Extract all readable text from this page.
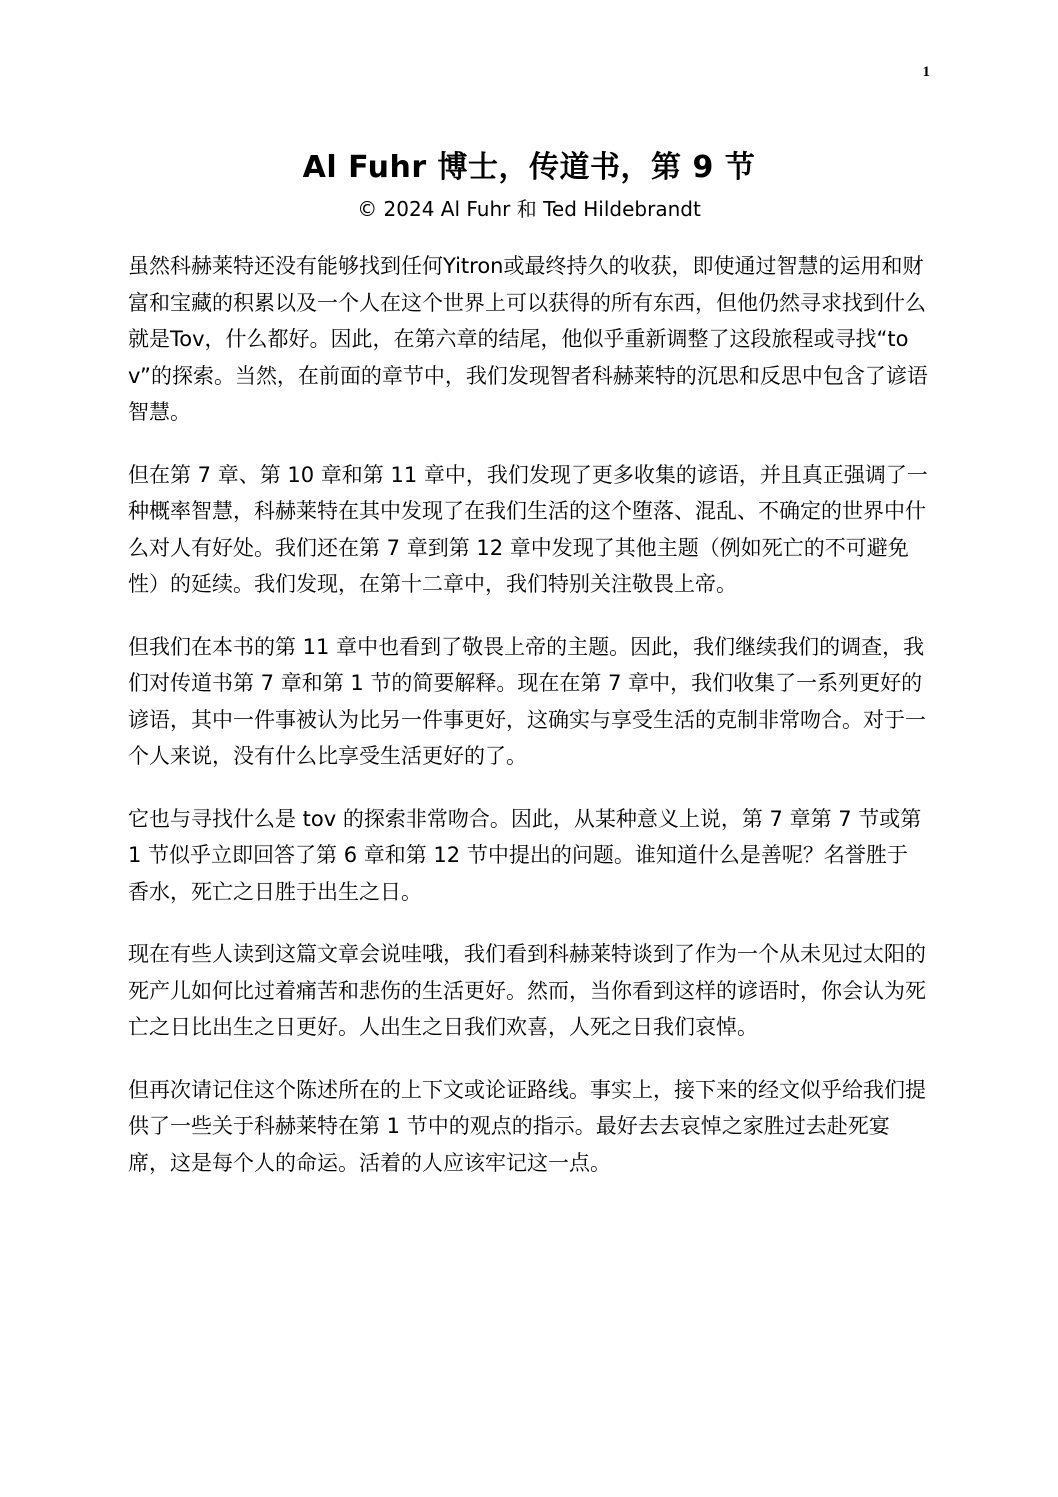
1
Al Fuhr 博士，传道书，第 9 节

© 2024 Al Fuhr 和 Ted Hildebrandt

虽然科赫莱特还没有能够找到任何Yitron或最终持久的收获，即使通过智慧的运用和财富和宝藏的积累以及一个人在这个世界上可以获得的所有东西，但他仍然寻求找到什么就是Tov，什么都好。因此，在第六章的结尾，他似乎重新调整了这段旅程或寻找“tov”的探索。当然，在前面的章节中，我们发现智者科赫莱特的沉思和反思中包含了谚语智慧。

但在第 7 章、第 10 章和第 11 章中，我们发现了更多收集的谚语，并且真正强调了一种概率智慧，科赫莱特在其中发现了在我们生活的这个堕落、混乱、不确定的世界中什么对人有好处。我们还在第 7 章到第 12 章中发现了其他主题（例如死亡的不可避免性）的延续。我们发现，在第十二章中，我们特别关注敬畏上帝。

但我们在本书的第 11 章中也看到了敬畏上帝的主题。因此，我们继续我们的调查，我们对传道书第 7 章和第 1 节的简要解释。现在在第 7 章中，我们收集了一系列更好的谚语，其中一件事被认为比另一件事更好，这确实与享受生活的克制非常吻合。对于一个人来说，没有什么比享受生活更好的了。

它也与寻找什么是 tov 的探索非常吻合。因此，从某种意义上说，第 7 章第 7 节或第 1 节似乎立即回答了第 6 章和第 12 节中提出的问题。谁知道什么是善呢？名誉胜于香水，死亡之日胜于出生之日。

现在有些人读到这篇文章会说哇哦，我们看到科赫莱特谈到了作为一个从未见过太阳的死产儿如何比过着痛苦和悲伤的生活更好。然而，当你看到这样的谚语时，你会认为死亡之日比出生之日更好。人出生之日我们欢喜，人死之日我们哀悼。

但再次请记住这个陈述所在的上下文或论证路线。事实上，接下来的经文似乎给我们提供了一些关于科赫莱特在第 1 节中的观点的指示。最好去去哀悼之家胜过去赴死宴席，这是每个人的命运。活着的人应该牢记这一点。
